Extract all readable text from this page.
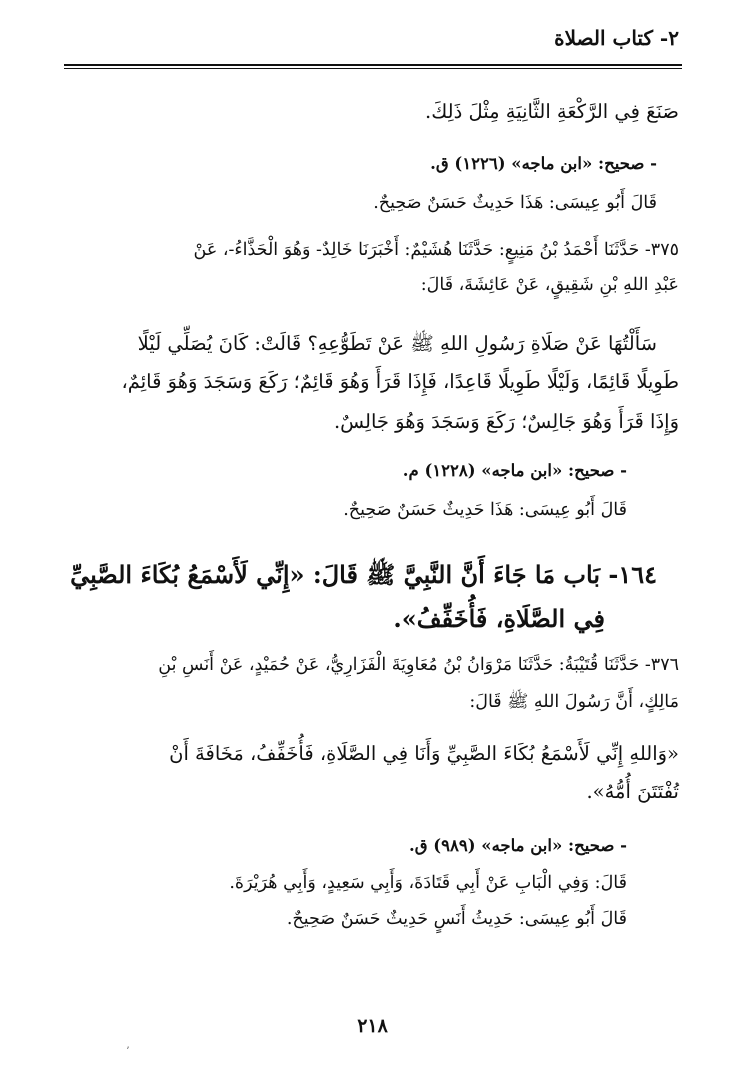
٢- كتاب الصلاة
صَنَعَ فِي الرَّكْعَةِ الثَّانِيَةِ مِثْلَ ذَلِكَ.
- صحيح: «ابن ماجه» (١٢٢٦) ق.
قَالَ أَبُو عِيسَى: هَذَا حَدِيثٌ حَسَنٌ صَحِيحٌ.
٣٧٥- حَدَّثَنَا أَحْمَدُ بْنُ مَنِيعٍ: حَدَّثَنَا هُشَيْمٌ: أَخْبَرَنَا خَالِدٌ- وَهُوَ الْحَذَّاءُ-، عَنْ
عَبْدِ اللهِ بْنِ شَقِيقٍ، عَنْ عَائِشَةَ، قَالَ:
سَأَلْتُهَا عَنْ صَلَاةِ رَسُولِ اللهِ ﷺ عَنْ تَطَوُّعِهِ؟ قَالَتْ: كَانَ يُصَلِّي لَيْلًا
طَوِيلًا قَائِمًا، وَلَيْلًا طَوِيلًا قَاعِدًا، فَإِذَا قَرَأَ وَهُوَ قَائِمٌ؛ رَكَعَ وَسَجَدَ وَهُوَ قَائِمٌ،
وَإِذَا قَرَأَ وَهُوَ جَالِسٌ؛ رَكَعَ وَسَجَدَ وَهُوَ جَالِسٌ.
- صحيح: «ابن ماجه» (١٢٢٨) م.
قَالَ أَبُو عِيسَى: هَذَا حَدِيثٌ حَسَنٌ صَحِيحٌ.
١٦٤- بَاب مَا جَاءَ أَنَّ النَّبِيَّ ﷺ قَالَ: «إِنِّي لَأَسْمَعُ بُكَاءَ الصَّبِيِّ
فِي الصَّلَاةِ، فَأُخَفِّفُ».
٣٧٦- حَدَّثَنَا قُتَيْبَةُ: حَدَّثَنَا مَرْوَانُ بْنُ مُعَاوِيَةَ الْفَزَارِيُّ، عَنْ حُمَيْدٍ، عَنْ أَنَسِ بْنِ
مَالِكٍ، أَنَّ رَسُولَ اللهِ ﷺ قَالَ:
«وَاللهِ إِنِّي لَأَسْمَعُ بُكَاءَ الصَّبِيِّ وَأَنَا فِي الصَّلَاةِ، فَأُخَفِّفُ، مَخَافَةَ أَنْ
تُفْتَتَنَ أُمُّهُ».
- صحيح: «ابن ماجه» (٩٨٩) ق.
قَالَ: وَفِي الْبَابِ عَنْ أَبِي قَتَادَةَ، وَأَبِي سَعِيدٍ، وَأَبِي هُرَيْرَةَ.
قَالَ أَبُو عِيسَى: حَدِيثُ أَنَسٍ حَدِيثٌ حَسَنٌ صَحِيحٌ.
٢١٨
ʼ
